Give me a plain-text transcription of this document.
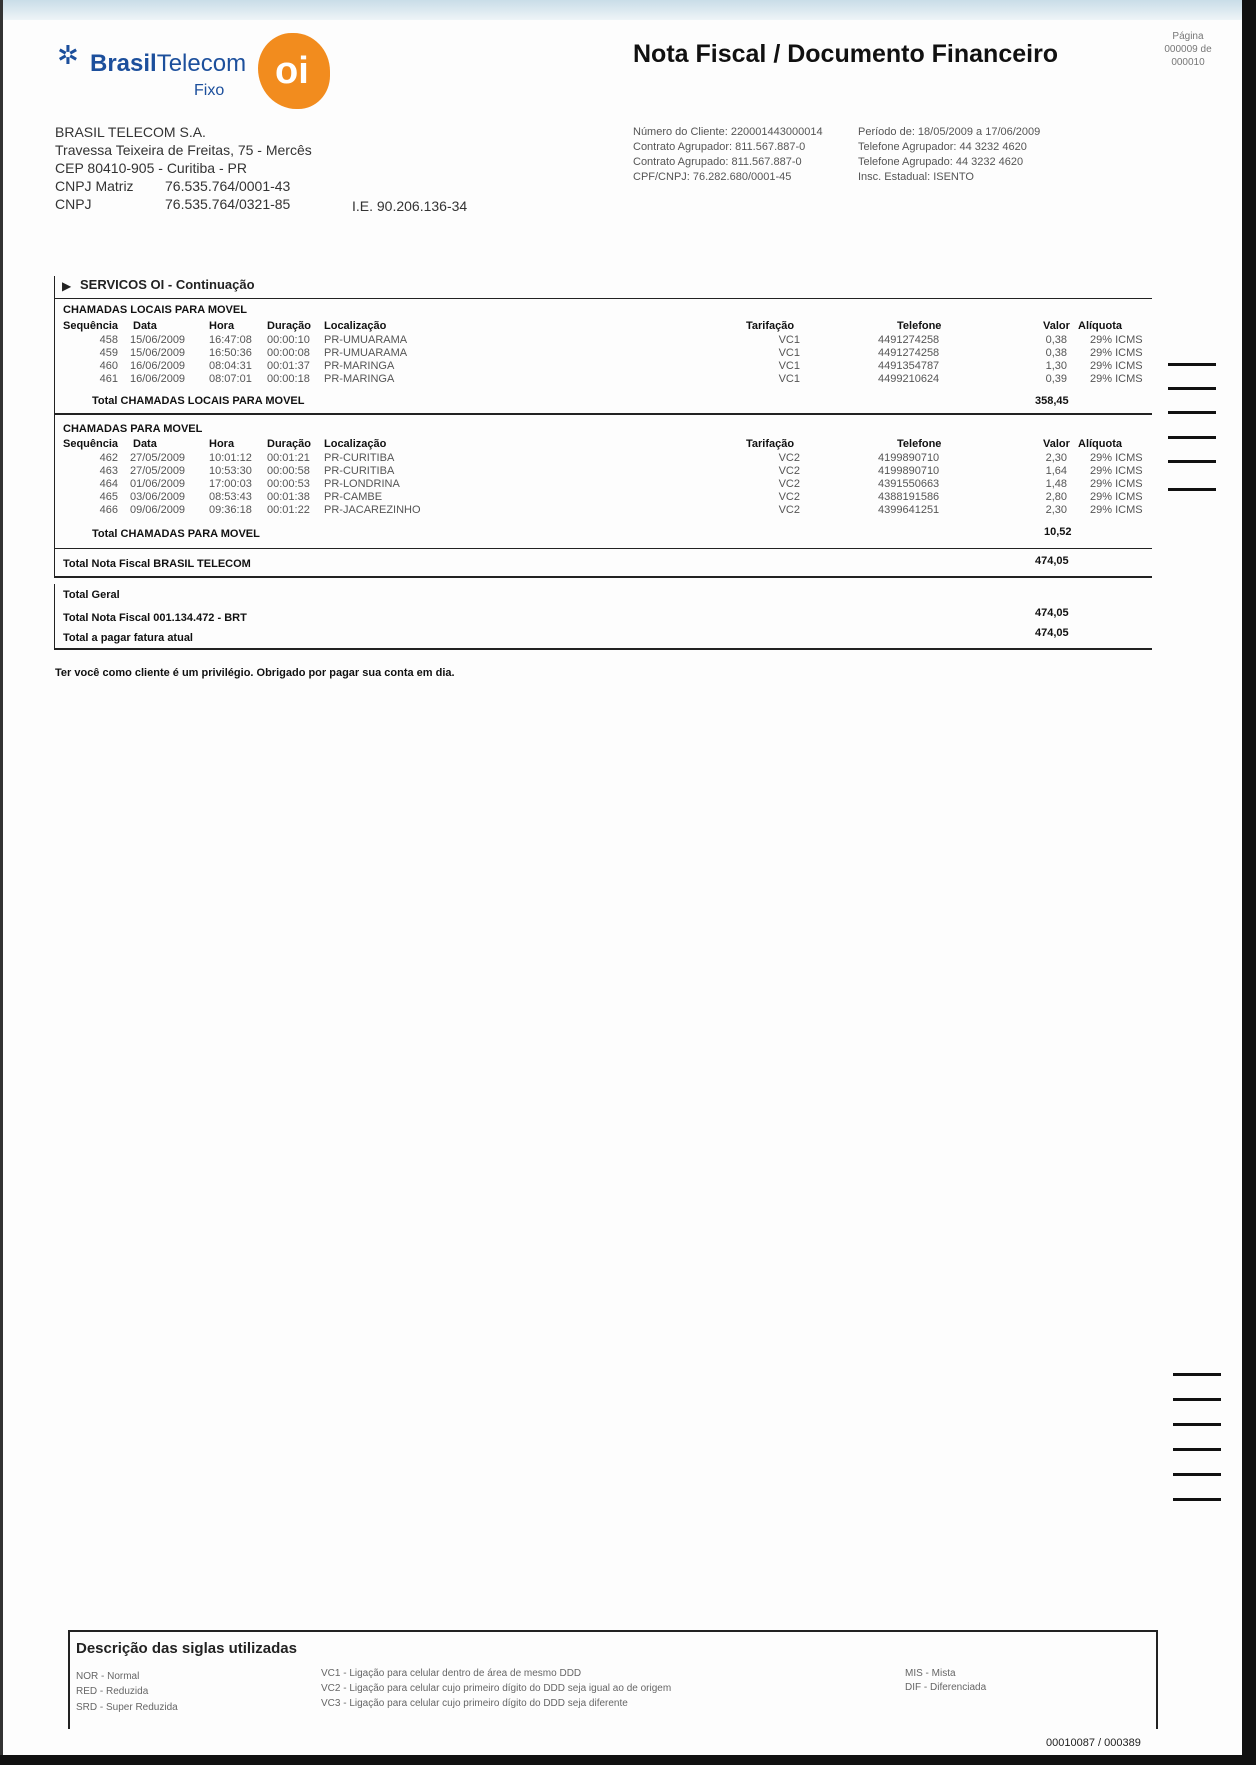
✲ BrasilTelecom
Fixo oi	Nota Fiscal / Documento Financeiro
Página
000009 de
000010
BRASIL TELECOM S.A.
Travessa Teixeira de Freitas, 75 - Mercês
CEP 80410-905 - Curitiba - PR
CNPJ Matriz 76.535.764/0001-43
CNPJ	76.535.764/0321-85	I.E. 90.206.136-34
Número do Cliente: 220001443000014
Contrato Agrupador: 811.567.887-0
Contrato Agrupado: 811.567.887-0
CPF/CNPJ: 76.282.680/0001-45
Período de: 18/05/2009 a 17/06/2009
Telefone Agrupador: 44 3232 4620
Telefone Agrupado: 44 3232 4620
Insc. Estadual: ISENTO
▶ SERVICOS OI - Continuação
CHAMADAS LOCAIS PARA MOVEL
Sequência Data	Hora	Duração Localização	Tarifação	Telefone	Valor Alíquota
458 15/06/2009	16:47:08	00:00:10	PR-UMUARAMA	VC1	4491274258	0,38 29% ICMS
459 15/06/2009	16:50:36	00:00:08	PR-UMUARAMA	VC1	4491274258	0,38 29% ICMS
460 16/06/2009	08:04:31	00:01:37	PR-MARINGA	VC1	4491354787	1,30 29% ICMS
461 16/06/2009	08:07:01	00:00:18	PR-MARINGA	VC1	4499210624	0,39 29% ICMS
Total CHAMADAS LOCAIS PARA MOVEL	358,45
CHAMADAS PARA MOVEL
Sequência Data	Hora	Duração Localização	Tarifação	Telefone	Valor Alíquota
462 27/05/2009	10:01:12	00:01:21	PR-CURITIBA	VC2	4199890710	2,30 29% ICMS
463 27/05/2009	10:53:30	00:00:58	PR-CURITIBA	VC2	4199890710	1,64 29% ICMS
464 01/06/2009	17:00:03	00:00:53	PR-LONDRINA	VC2	4391550663	1,48 29% ICMS
465 03/06/2009	08:53:43	00:01:38	PR-CAMBE	VC2	4388191586	2,80 29% ICMS
466 09/06/2009	09:36:18	00:01:22	PR-JACAREZINHO	VC2	4399641251	2,30 29% ICMS
Total CHAMADAS PARA MOVEL	10,52
Total Nota Fiscal BRASIL TELECOM	474,05
Total Geral
Total Nota Fiscal 001.134.472 - BRT	474,05
Total a pagar fatura atual	474,05
Ter você como cliente é um privilégio. Obrigado por pagar sua conta em dia.
Descrição das siglas utilizadas
NOR - Normal
RED - Reduzida
SRD - Super Reduzida
VC1 - Ligação para celular dentro de área de mesmo DDD
VC2 - Ligação para celular cujo primeiro dígito do DDD seja igual ao de origem
VC3 - Ligação para celular cujo primeiro dígito do DDD seja diferente
MIS - Mista
DIF - Diferenciada
00010087 / 000389
